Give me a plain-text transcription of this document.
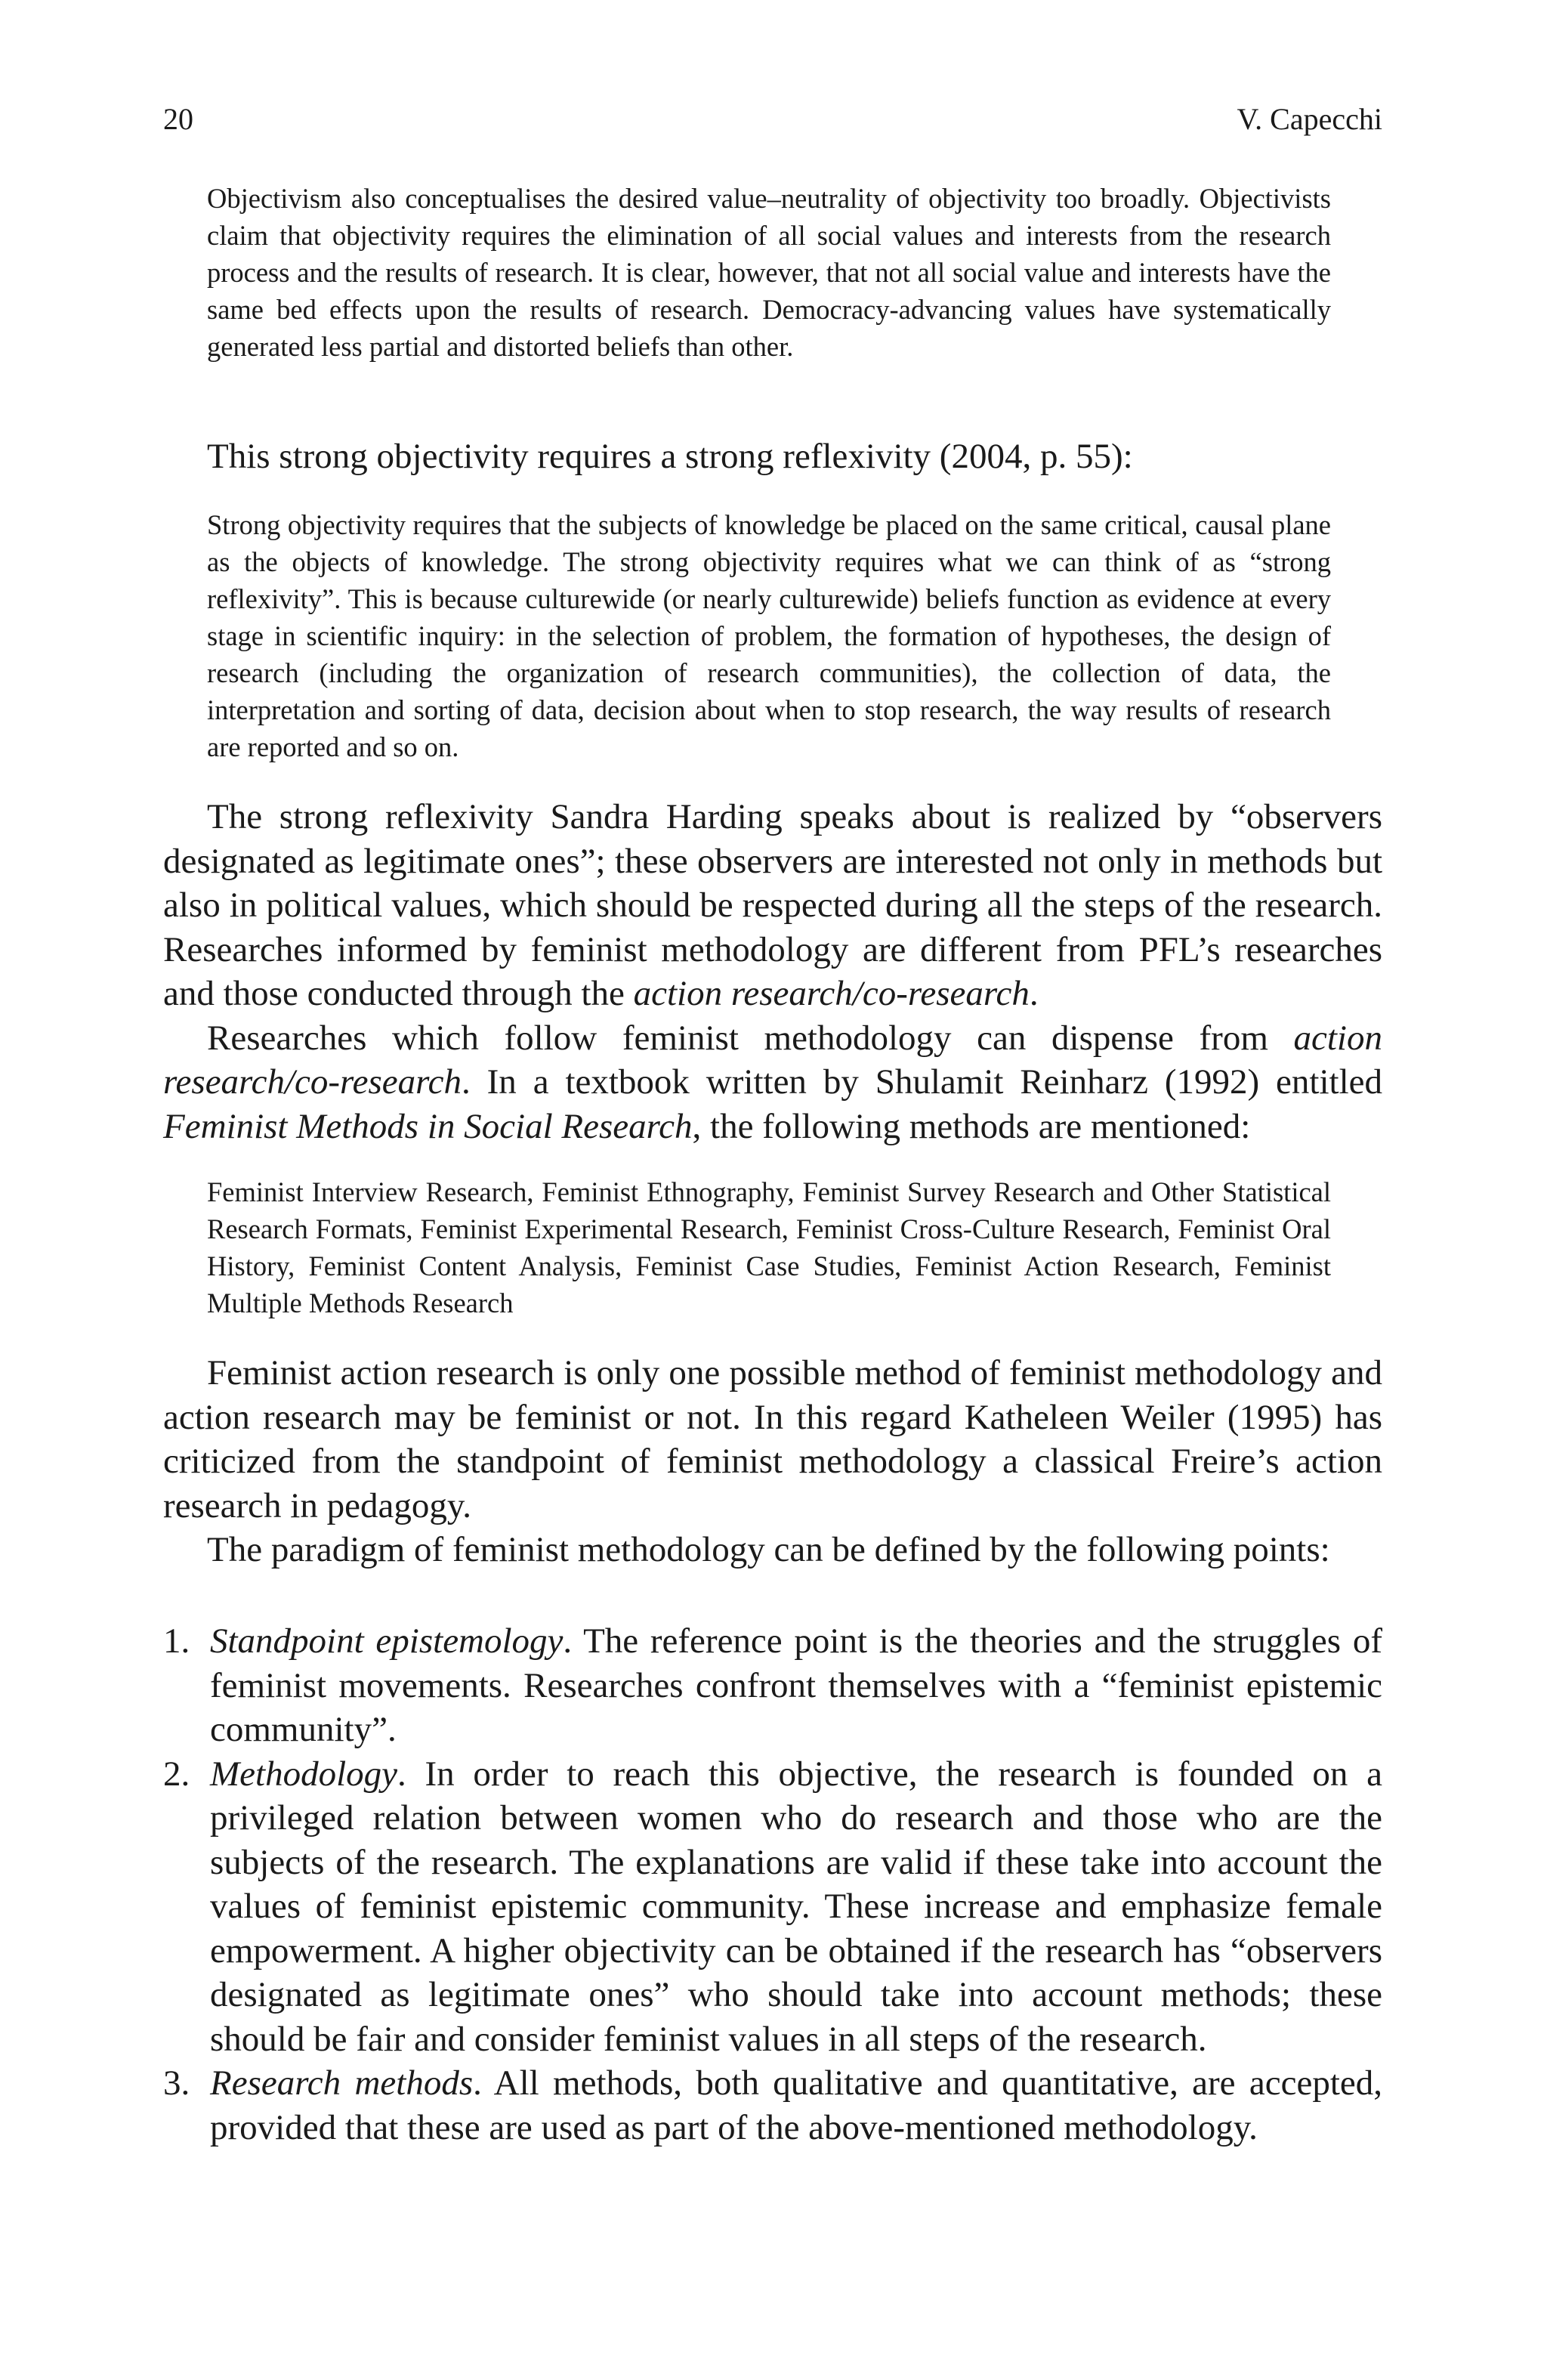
20	V. Capecchi
Objectivism also conceptualises the desired value–neutrality of objectivity too broadly. Objectivists claim that objectivity requires the elimination of all social values and interests from the research process and the results of research. It is clear, however, that not all social value and interests have the same bed effects upon the results of research. Democracy-advancing values have systematically generated less partial and distorted beliefs than other.
This strong objectivity requires a strong reflexivity (2004, p. 55):
Strong objectivity requires that the subjects of knowledge be placed on the same critical, causal plane as the objects of knowledge. The strong objectivity requires what we can think of as “strong reflexivity”. This is because culturewide (or nearly culturewide) beliefs function as evidence at every stage in scientific inquiry: in the selection of problem, the formation of hypotheses, the design of research (including the organization of research communities), the collection of data, the interpretation and sorting of data, decision about when to stop research, the way results of research are reported and so on.

The strong reflexivity Sandra Harding speaks about is realized by “observers designated as legitimate ones”; these observers are interested not only in methods but also in political values, which should be respected during all the steps of the research. Researches informed by feminist methodology are different from PFL’s researches and those conducted through the action research/co-research.

Researches which follow feminist methodology can dispense from action research/co-research. In a textbook written by Shulamit Reinharz (1992) entitled Feminist Methods in Social Research, the following methods are mentioned:

Feminist Interview Research, Feminist Ethnography, Feminist Survey Research and Other Statistical Research Formats, Feminist Experimental Research, Feminist Cross-Culture Research, Feminist Oral History, Feminist Content Analysis, Feminist Case Studies, Feminist Action Research, Feminist Multiple Methods Research

Feminist action research is only one possible method of feminist methodology and action research may be feminist or not. In this regard Katheleen Weiler (1995) has criticized from the standpoint of feminist methodology a classical Freire’s action research in pedagogy.

The paradigm of feminist methodology can be defined by the following points:

1. Standpoint epistemology. The reference point is the theories and the struggles of feminist movements. Researches confront themselves with a “feminist epistemic community”.
2. Methodology. In order to reach this objective, the research is founded on a privileged relation between women who do research and those who are the subjects of the research. The explanations are valid if these take into account the values of feminist epistemic community. These increase and emphasize female empowerment. A higher objectivity can be obtained if the research has “observers designated as legitimate ones” who should take into account methods; these should be fair and consider feminist values in all steps of the research.
3. Research methods. All methods, both qualitative and quantitative, are accepted, provided that these are used as part of the above-mentioned methodology.
